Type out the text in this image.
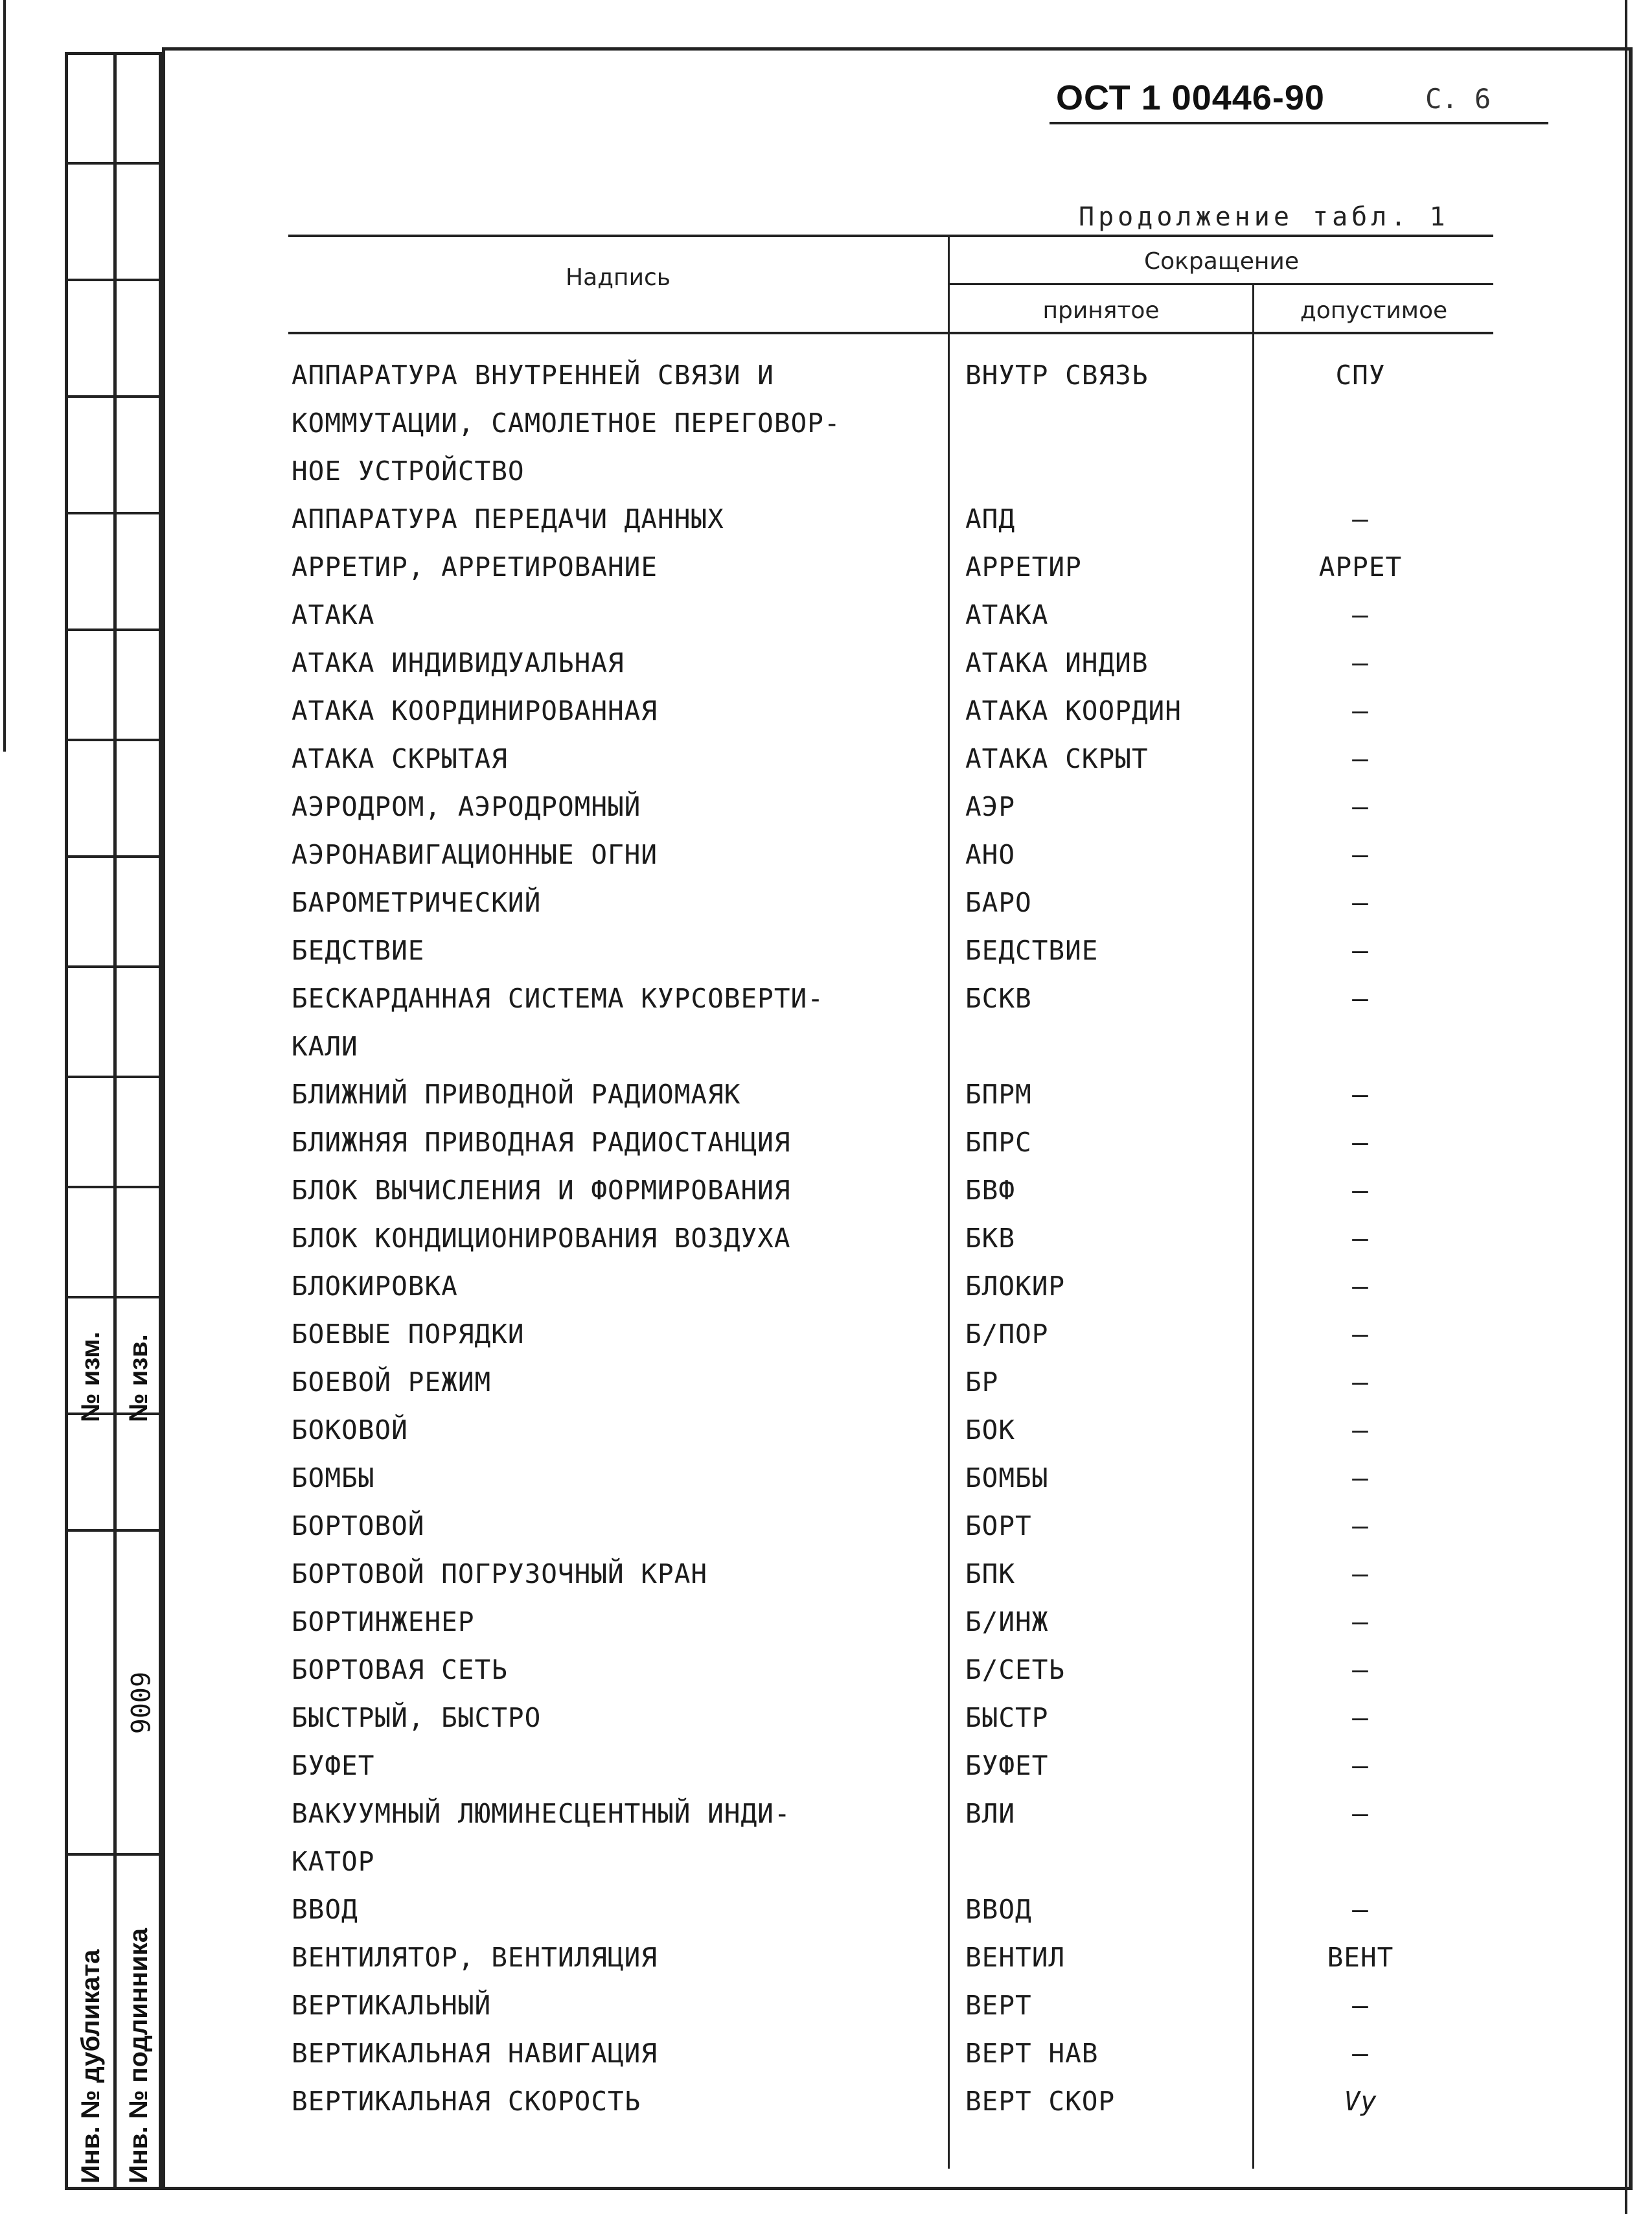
№ изм. № изв.
Инв. № дубликата Инв. № подлинника
6006
ОСТ 1 00446-90	С. 6
Продолжение табл. 1
Надпись
Сокращение
принятое	допустимое
АППАРАТУРА ВНУТРЕННЕЙ СВЯЗИ И	ВНУТР СВЯЗЬ	СПУ
КОММУТАЦИИ, САМОЛЕТНОЕ ПЕРЕГОВОР-
НОЕ УСТРОЙСТВО
АППАРАТУРА ПЕРЕДАЧИ ДАННЫХ	АПД	–
АРРЕТИР, АРРЕТИРОВАНИЕ	АРРЕТИР	АРРЕТ
АТАКА	АТАКА	–
АТАКА ИНДИВИДУАЛЬНАЯ	АТАКА ИНДИВ	–
АТАКА КООРДИНИРОВАННАЯ	АТАКА КООРДИН	–
АТАКА СКРЫТАЯ	АТАКА СКРЫТ	–
АЭРОДРОМ, АЭРОДРОМНЫЙ	АЭР	–
АЭРОНАВИГАЦИОННЫЕ ОГНИ	АНО	–
БАРОМЕТРИЧЕСКИЙ	БАРО	–
БЕДСТВИЕ	БЕДСТВИЕ	–
БЕСКАРДАННАЯ СИСТЕМА КУРСОВЕРТИ-	БСКВ	–
КАЛИ
БЛИЖНИЙ ПРИВОДНОЙ РАДИОМАЯК	БПРМ	–
БЛИЖНЯЯ ПРИВОДНАЯ РАДИОСТАНЦИЯ	БПРС	–
БЛОК ВЫЧИСЛЕНИЯ И ФОРМИРОВАНИЯ	БВФ	–
БЛОК КОНДИЦИОНИРОВАНИЯ ВОЗДУХА	БКВ	–
БЛОКИРОВКА	БЛОКИР	–
БОЕВЫЕ ПОРЯДКИ	Б/ПОР	–
БОЕВОЙ РЕЖИМ	БР	–
БОКОВОЙ	БОК	–
БОМБЫ	БОМБЫ	–
БОРТОВОЙ	БОРТ	–
БОРТОВОЙ ПОГРУЗОЧНЫЙ КРАН	БПК	–
БОРТИНЖЕНЕР	Б/ИНЖ	–
БОРТОВАЯ СЕТЬ	Б/СЕТЬ	–
БЫСТРЫЙ, БЫСТРО	БЫСТР	–
БУФЕТ	БУФЕТ	–
ВАКУУМНЫЙ ЛЮМИНЕСЦЕНТНЫЙ ИНДИ-	ВЛИ	–
КАТОР
ВВОД	ВВОД	–
ВЕНТИЛЯТОР, ВЕНТИЛЯЦИЯ	ВЕНТИЛ	ВЕНТ
ВЕРТИКАЛЬНЫЙ	ВЕРТ	–
ВЕРТИКАЛЬНАЯ НАВИГАЦИЯ	ВЕРТ НАВ	–
ВЕРТИКАЛЬНАЯ СКОРОСТЬ	ВЕРТ СКОР	Vy
